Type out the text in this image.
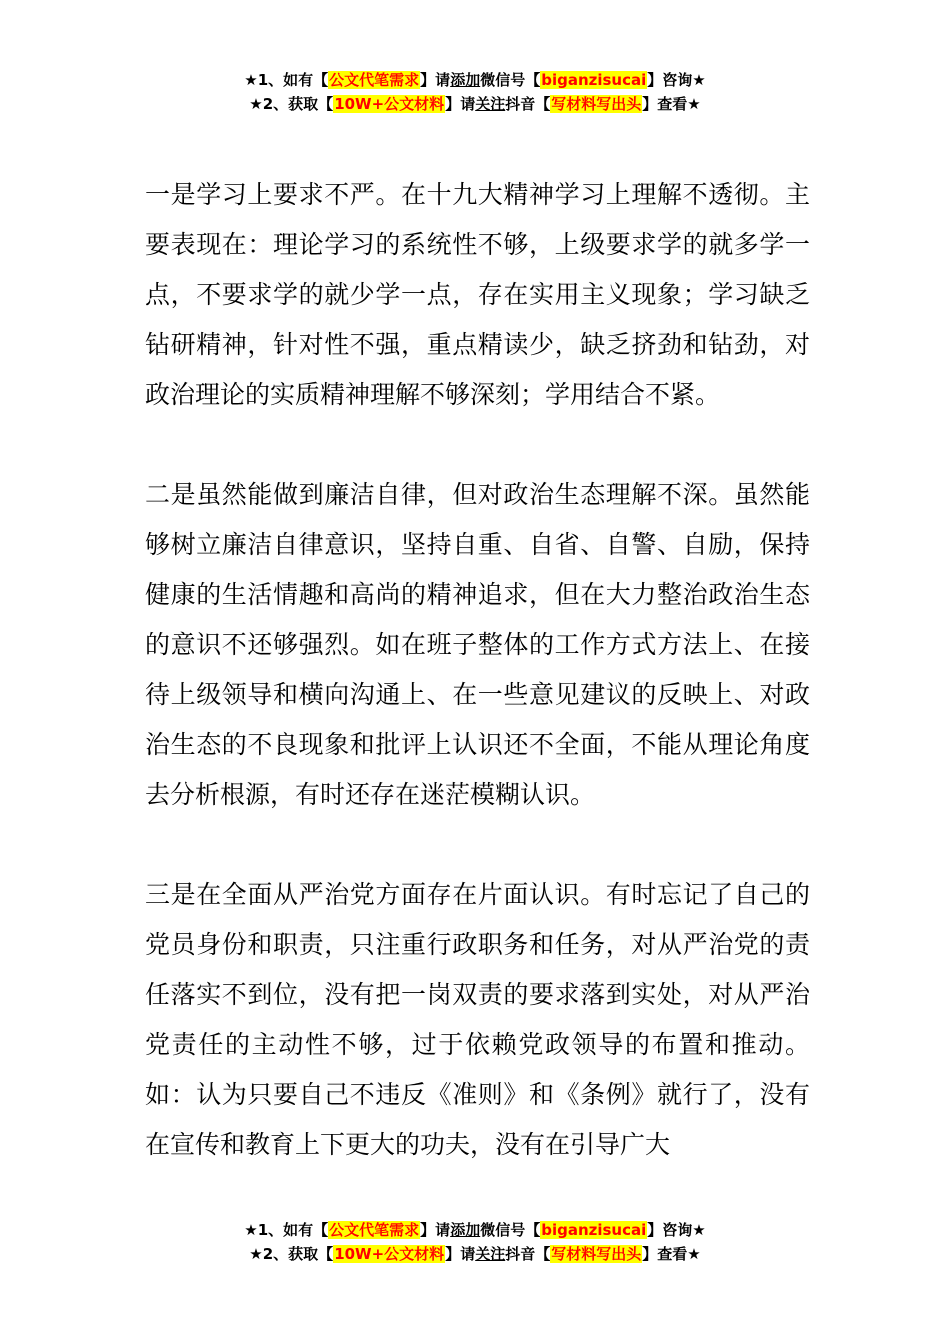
★1、如有【公文代笔需求】请添加微信号【biganzisucai】咨询★
★2、获取【10W+公文材料】请关注抖音【写材料写出头】查看★

一是学习上要求不严。在十九大精神学习上理解不透彻。主要表现在：理论学习的系统性不够，上级要求学的就多学一点，不要求学的就少学一点，存在实用主义现象；学习缺乏钻研精神，针对性不强，重点精读少，缺乏挤劲和钻劲，对政治理论的实质精神理解不够深刻；学用结合不紧。

二是虽然能做到廉洁自律，但对政治生态理解不深。虽然能够树立廉洁自律意识，坚持自重、自省、自警、自励，保持健康的生活情趣和高尚的精神追求，但在大力整治政治生态的意识不还够强烈。如在班子整体的工作方式方法上、在接待上级领导和横向沟通上、在一些意见建议的反映上、对政治生态的不良现象和批评上认识还不全面，不能从理论角度去分析根源，有时还存在迷茫模糊认识。

三是在全面从严治党方面存在片面认识。有时忘记了自己的党员身份和职责，只注重行政职务和任务，对从严治党的责任落实不到位，没有把一岗双责的要求落到实处，对从严治党责任的主动性不够，过于依赖党政领导的布置和推动。如：认为只要自己不违反《准则》和《条例》就行了，没有在宣传和教育上下更大的功夫，没有在引导广大

★1、如有【公文代笔需求】请添加微信号【biganzisucai】咨询★
★2、获取【10W+公文材料】请关注抖音【写材料写出头】查看★
